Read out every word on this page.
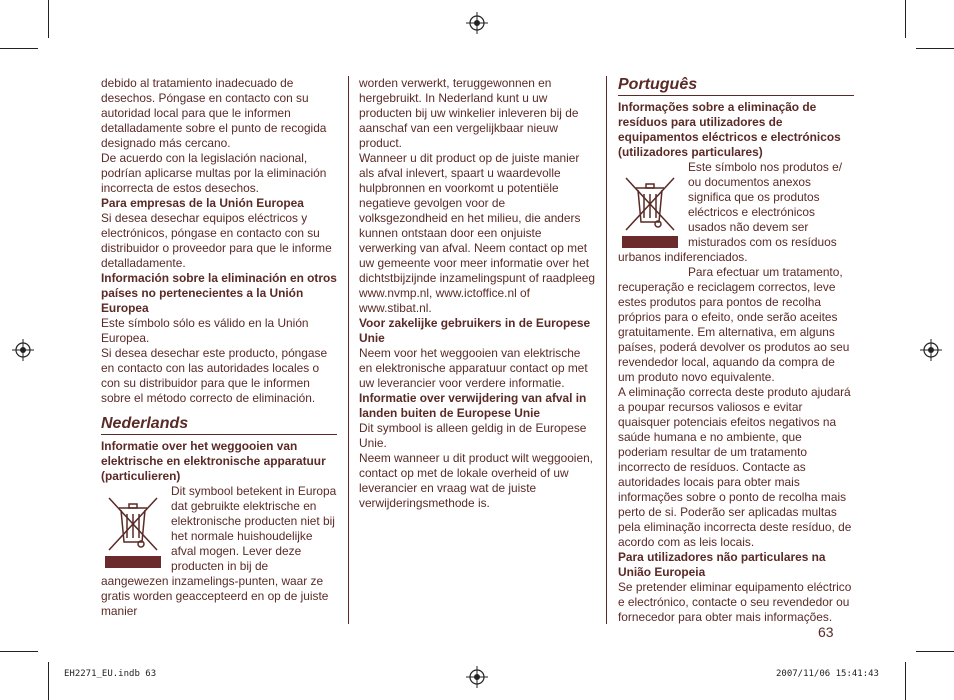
debido al tratamiento inadecuado de desechos. Póngase en contacto con su autoridad local para que le informen detalladamente sobre el punto de recogida designado más cercano.

De acuerdo con la legislación nacional, podrían aplicarse multas por la eliminación incorrecta de estos desechos.

Para empresas de la Unión Europea

Si desea desechar equipos eléctricos y electrónicos, póngase en contacto con su distribuidor o proveedor para que le informe detalladamente.

Información sobre la eliminación en otros países no pertenecientes a la Unión Europea

Este símbolo sólo es válido en la Unión Europea.

Si desea desechar este producto, póngase en contacto con las autoridades locales o con su distribuidor para que le informen sobre el método correcto de eliminación.

Nederlands

Informatie over het weggooien van elektrische en elektronische apparatuur (particulieren)

Dit symbool betekent in Europa dat gebruikte elektrische en elektronische producten niet bij het normale huishoudelijke afval mogen. Lever deze producten in bij de aangewezen inzamelings-punten, waar ze gratis worden geaccepteerd en op de juiste manier

worden verwerkt, teruggewonnen en hergebruikt. In Nederland kunt u uw producten bij uw winkelier inleveren bij de aanschaf van een vergelijkbaar nieuw product.

Wanneer u dit product op de juiste manier als afval inlevert, spaart u waardevolle hulpbronnen en voorkomt u potentiële negatieve gevolgen voor de volksgezondheid en het milieu, die anders kunnen ontstaan door een onjuiste verwerking van afval. Neem contact op met uw gemeente voor meer informatie over het dichtstbijzijnde inzamelingspunt of raadpleeg www.nvmp.nl, www.ictoffice.nl of www.stibat.nl.

Voor zakelijke gebruikers in de Europese Unie

Neem voor het weggooien van elektrische en elektronische apparatuur contact op met uw leverancier voor verdere informatie.

Informatie over verwijdering van afval in landen buiten de Europese Unie

Dit symbool is alleen geldig in de Europese Unie.

Neem wanneer u dit product wilt weggooien, contact op met de lokale overheid of uw leverancier en vraag wat de juiste verwijderingsmethode is.

Português

Informações sobre a eliminação de resíduos para utilizadores de equipamentos eléctricos e electrónicos (utilizadores particulares)

Este símbolo nos produtos e/ ou documentos anexos significa que os produtos eléctricos e electrónicos usados não devem ser misturados com os resíduos urbanos indiferenciados.

Para efectuar um tratamento, recuperação e reciclagem correctos, leve estes produtos para pontos de recolha próprios para o efeito, onde serão aceites gratuitamente. Em alternativa, em alguns países, poderá devolver os produtos ao seu revendedor local, aquando da compra de um produto novo equivalente.

A eliminação correcta deste produto ajudará a poupar recursos valiosos e evitar quaisquer potenciais efeitos negativos na saúde humana e no ambiente, que poderiam resultar de um tratamento incorrecto de resíduos. Contacte as autoridades locais para obter mais informações sobre o ponto de recolha mais perto de si. Poderão ser aplicadas multas pela eliminação incorrecta deste resíduo, de acordo com as leis locais.

Para utilizadores não particulares na União Europeia

Se pretender eliminar equipamento eléctrico e electrónico, contacte o seu revendedor ou fornecedor para obter mais informações.

63
EH2271_EU.indb 63	2007/11/06 15:41:43
